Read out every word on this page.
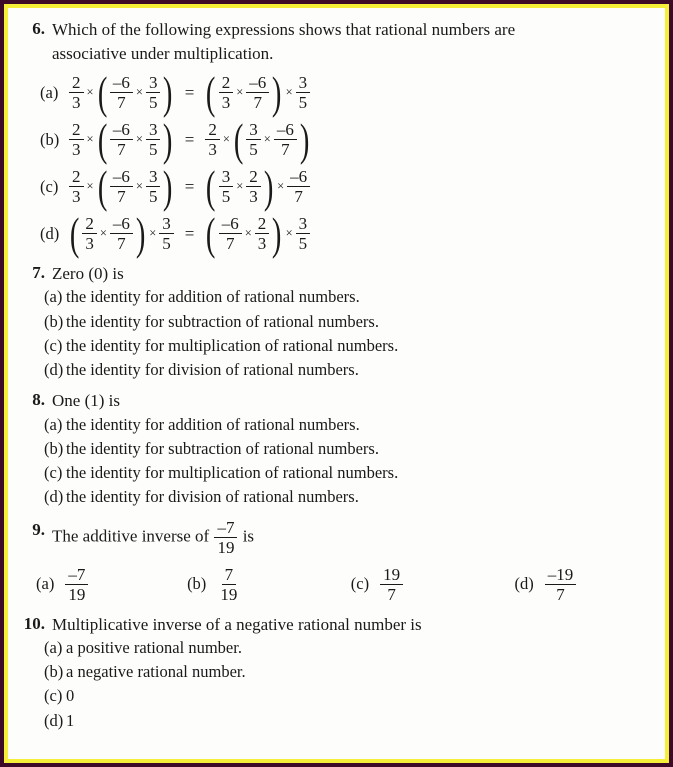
6. Which of the following expressions shows that rational numbers are
associative under multiplication.
$(a) \frac{2}{3}$ × ( $\frac{-6}{7} \times \frac{3}{5}$ ) = ( $\frac{2}{3} \times \frac{-6}{7}$ ) × $\frac{3}{5}$
$(b) \frac{2}{3}$ × ( $\frac{-6}{7} \times \frac{3}{5}$ ) = $\frac{2}{3}$ × ( $\frac{3}{5} \times \frac{-6}{7}$ )
$(c) \frac{2}{3}$ × ( $\frac{-6}{7} \times \frac{3}{5}$ ) = ( $\frac{3}{5} \times \frac{2}{3}$ ) × $\frac{-6}{7}$
(d) ( $\frac{2}{3} \times \frac{-6}{7}$ ) × $\frac{3}{5}$ = ( $\frac{-6}{7} \times \frac{2}{3}$ ) × $\frac{3}{5}$
7. Zero (0) is
(a) the identity for addition of rational numbers.
(b) the identity for subtraction of rational numbers.
(c) the identity for multiplication of rational numbers.
(d) the identity for division of rational numbers.
8. One (1) is
(a) the identity for addition of rational numbers.
(b) the identity for subtraction of rational numbers.
(c) the identity for multiplication of rational numbers.
(d) the identity for division of rational numbers.
9. The additive inverse of $\frac{-7}{19}$ is
$(a) \frac{-7}{19}$	$(b) \frac{7}{19}$	$(c) \frac{19}{7}$	$(d) \frac{-19}{7}$
10. Multiplicative inverse of a negative rational number is
(a) a positive rational number.
(b) a negative rational number.
(c) 0
(d) 1
